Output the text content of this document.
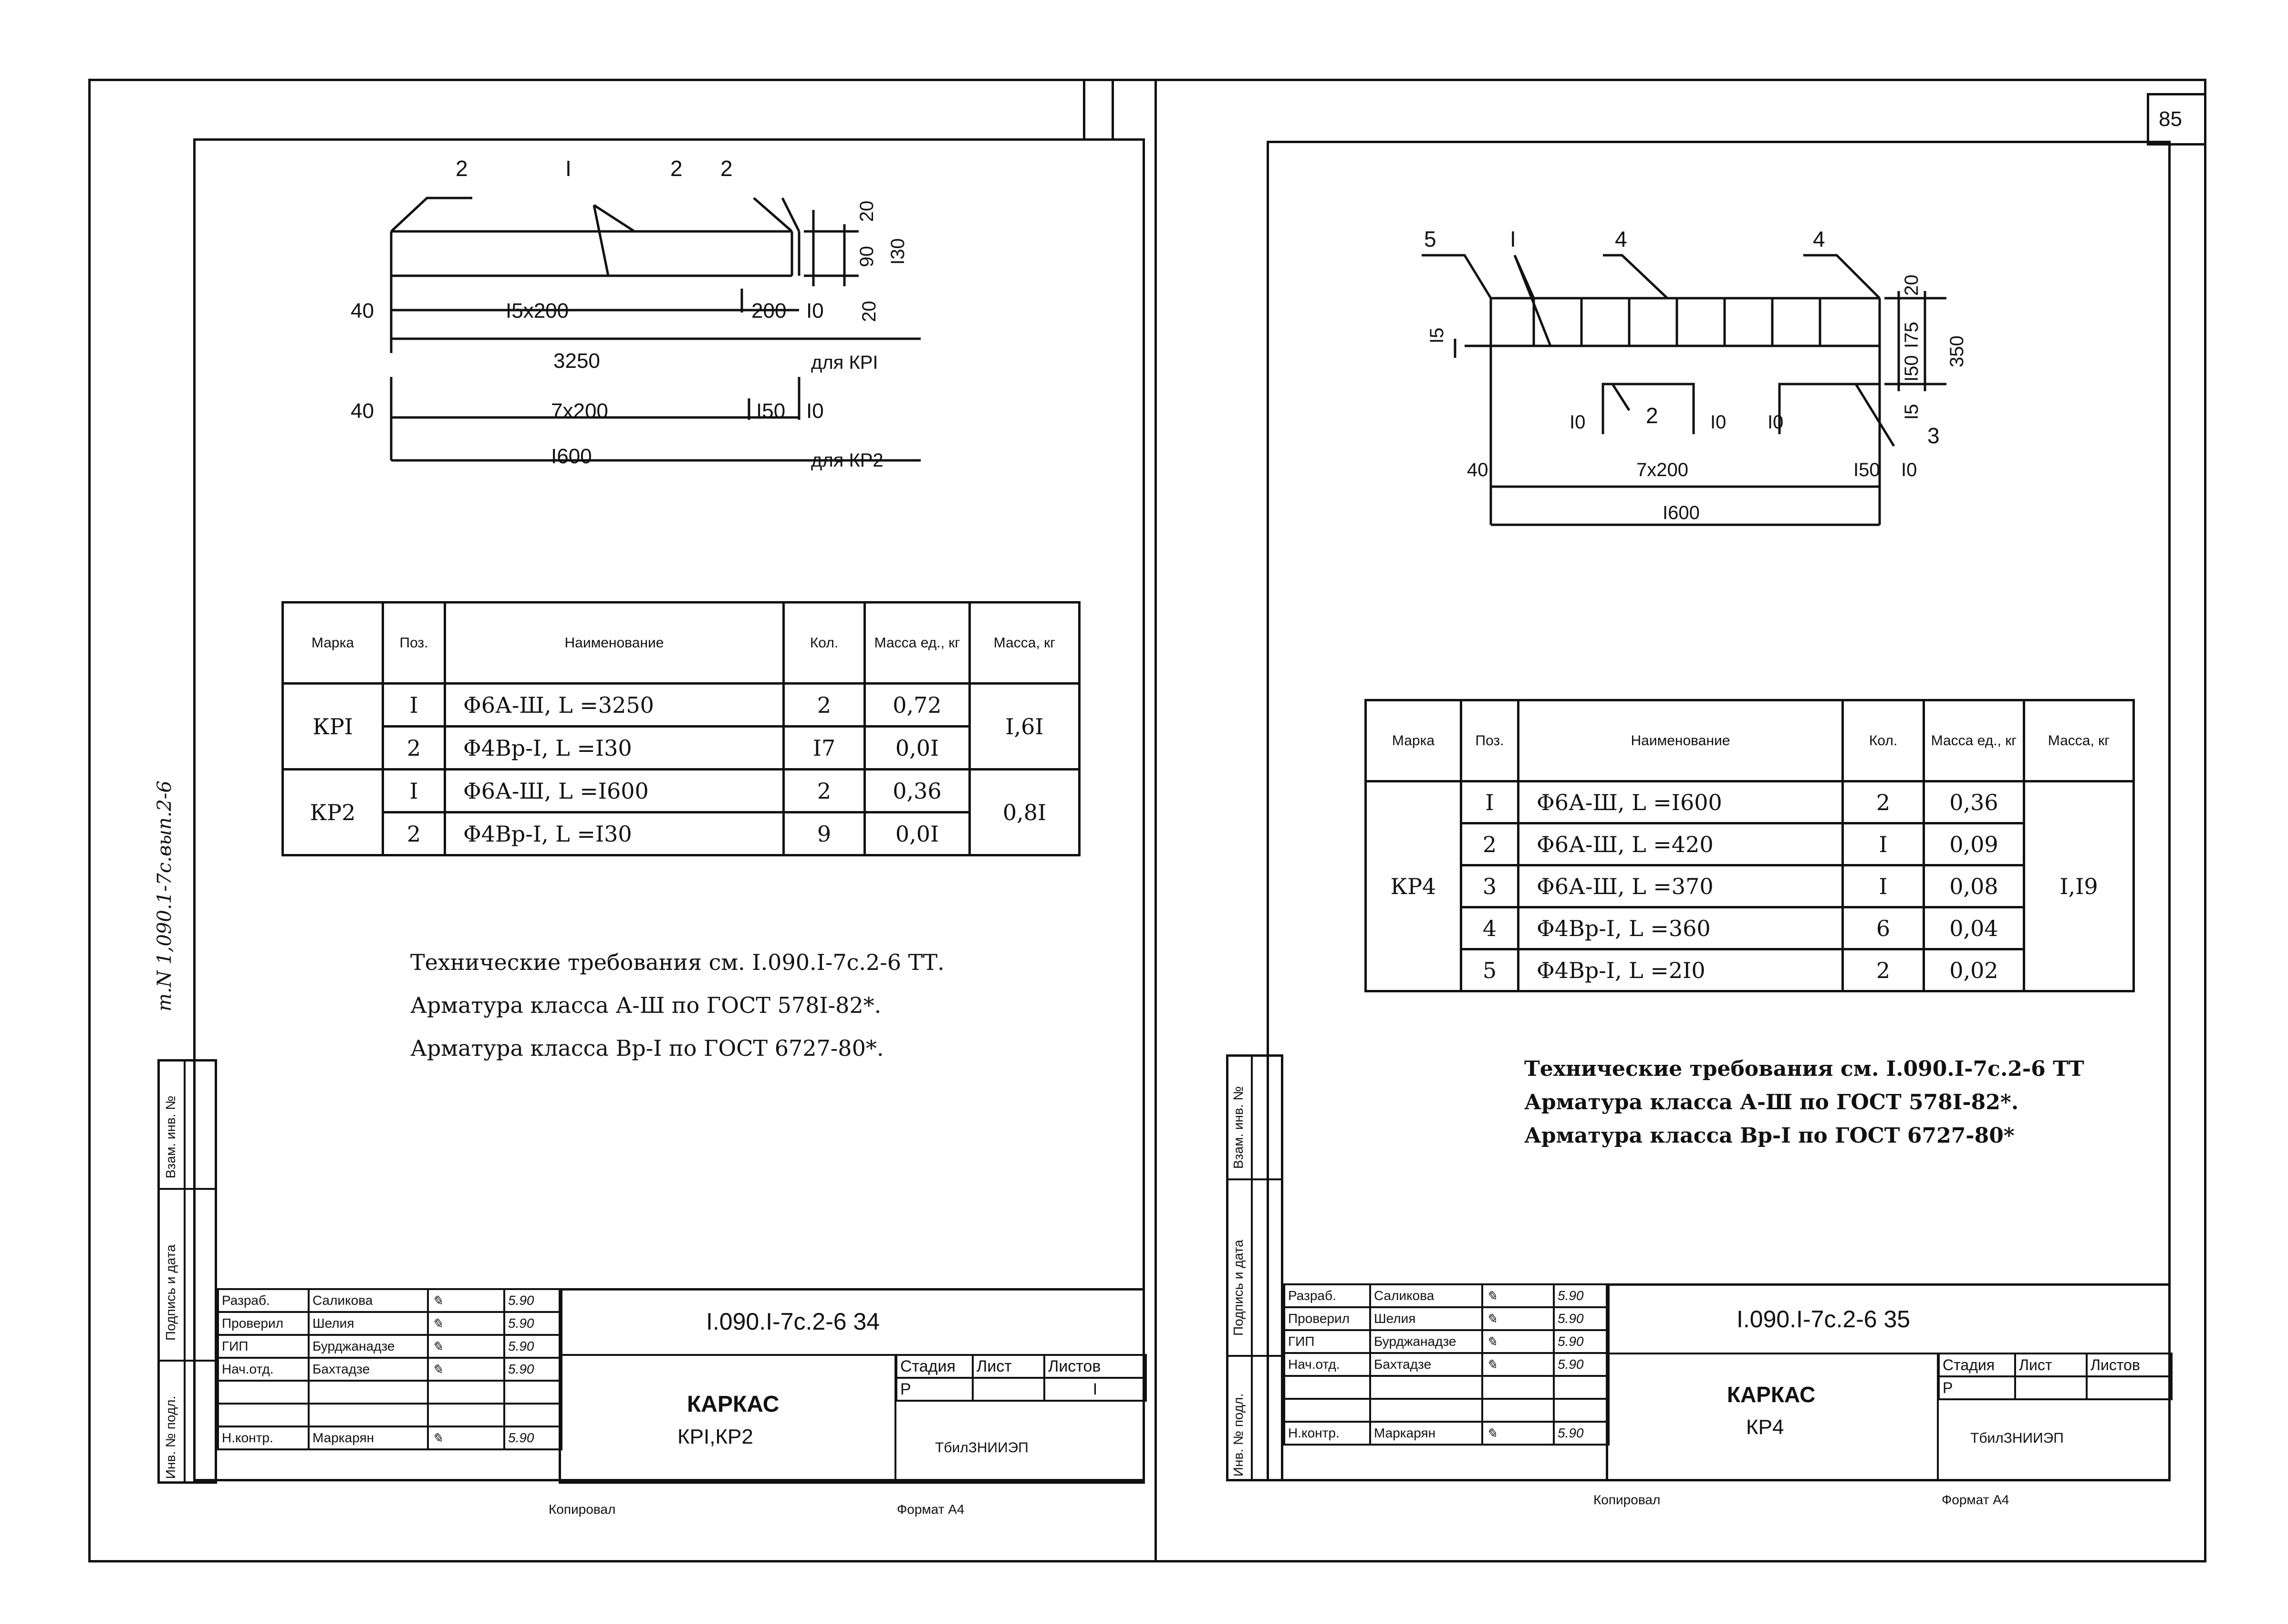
85
т.N 1,090.1-7с.вып.2-6
2	I	2 2
20
90 I30
I0 20
40	I5x200	200
3250	для КРI
40	7x200	I50 I0
I600	для КР2
Марка	Поз.	Наименование	Кол.	Масса ед., кг	Масса, кг
КРI	I	Φ6А-Ш, L =3250	2	0,72	I,6I
	2	Φ4Вр-I, L =I30	I7	0,0I	
КР2	I	Φ6А-Ш, L =I600	2	0,36	0,8I
	2	Φ4Вр-I, L =I30	9	0,0I	
Технические требования см. I.090.I-7с.2-6 ТТ.
Арматура класса А-Ш по ГОСТ 578I-82*.
Арматура класса Вр-I по ГОСТ 6727-80*.
Инв. № подл.
Подпись и дата
Взам. инв. №
Разраб.	Саликова	✎	5.90
Проверил	Шелия	✎	5.90
ГИП	Бурджанадзе	✎	5.90
Нач.отд.	Бахтадзе	✎	5.90

Н.контр.	Маркарян	✎	5.90
I.090.I-7с.2-6 34
КАРКАС
КРI,КР2
Стадия	Лист	Листов
Р		I
ТбилЗНИИЭП
Копировал	Формат А4
5	I	4	4
2
3
I5
20
I75
I50
I5
350
I0	I0 I0
40	7x200	I50 I0
I600
Марка	Поз.	Наименование	Кол.	Масса ед., кг	Масса, кг
КР4	I	Φ6А-Ш, L =I600	2	0,36	I,I9
	2	Φ6А-Ш, L =420	I	0,09	
	3	Φ6А-Ш, L =370	I	0,08	
	4	Φ4Вр-I, L =360	6	0,04	
	5	Φ4Вр-I, L =2I0	2	0,02	
Технические требования см. I.090.I-7с.2-6 ТТ
Арматура класса А-Ш по ГОСТ 578I-82*.
Арматура класса Вр-I по ГОСТ 6727-80*
Инв. № подл.
Подпись и дата
Взам. инв. №
Разраб.	Саликова	✎	5.90
Проверил	Шелия	✎	5.90
ГИП	Бурджанадзе	✎	5.90
Нач.отд.	Бахтадзе	✎	5.90

Н.контр.	Маркарян	✎	5.90
I.090.I-7с.2-6 35
КАРКАС
КР4
Стадия	Лист	Листов
Р		
ТбилЗНИИЭП
Копировал	Формат А4
